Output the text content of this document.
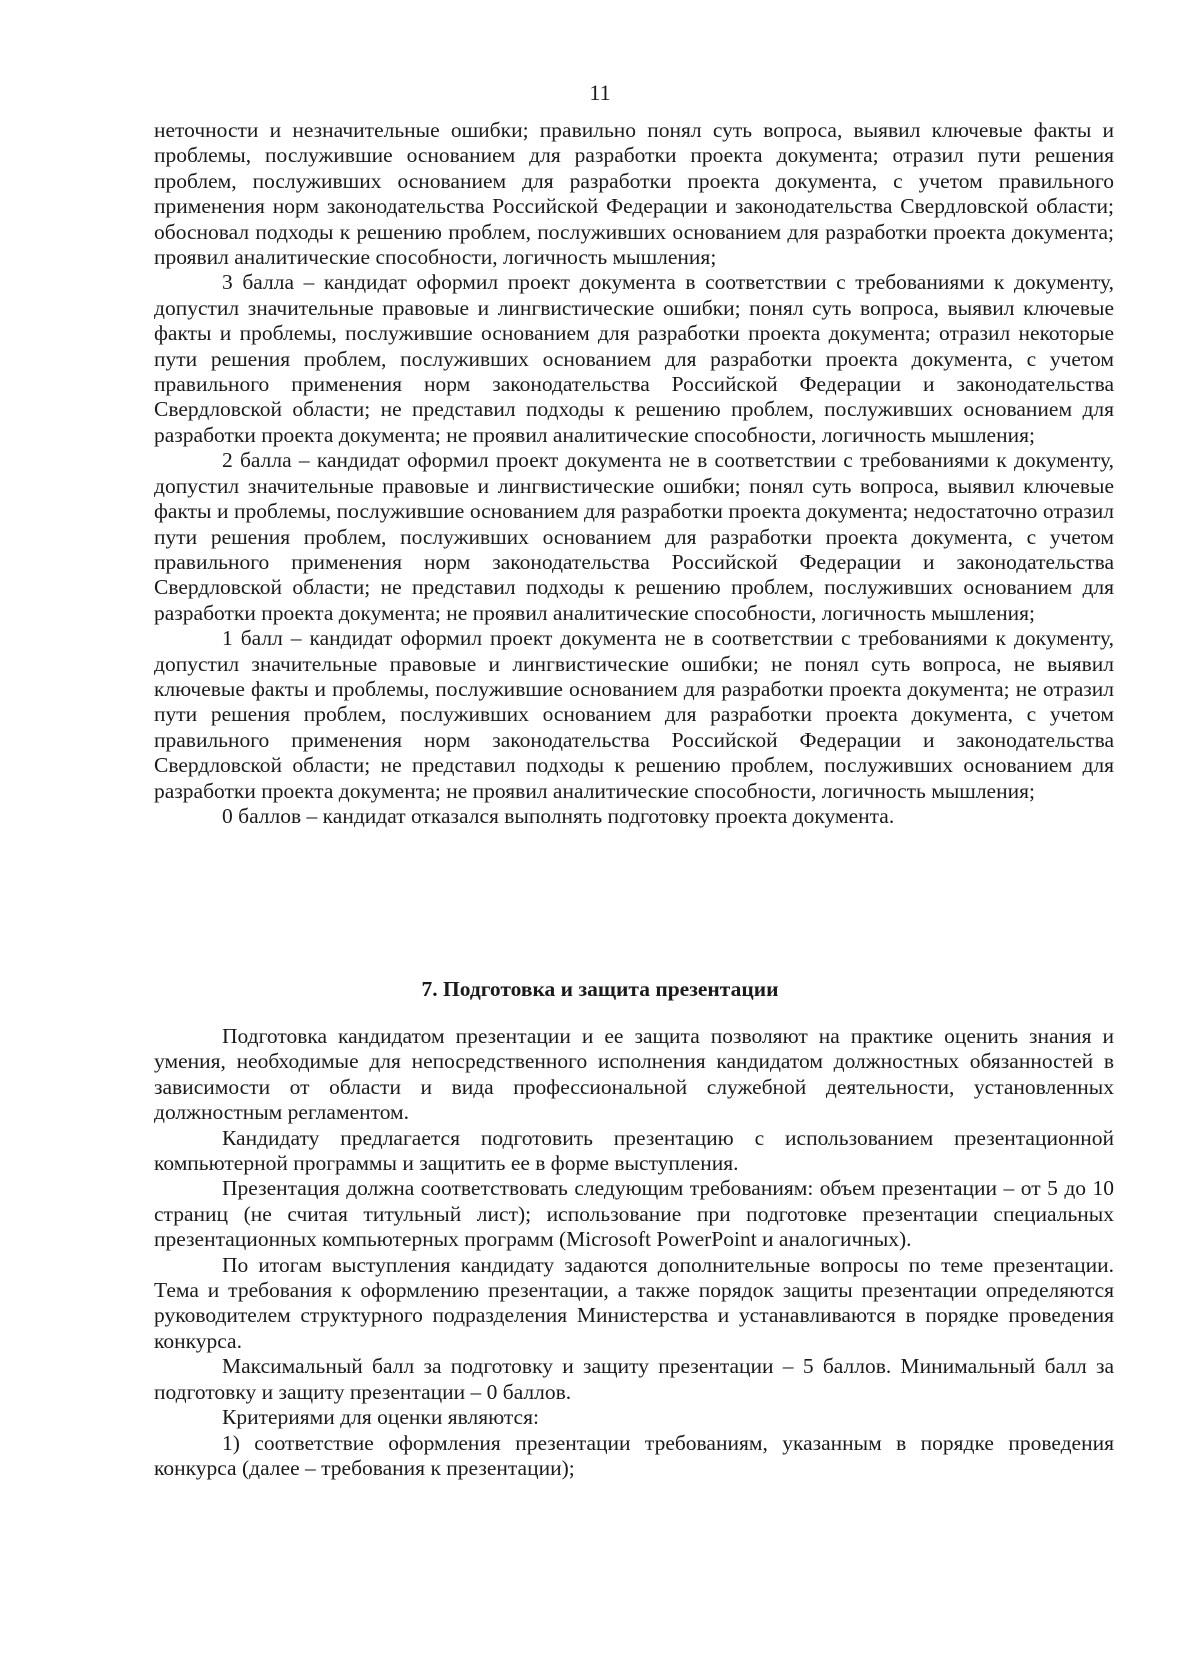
11

неточности и незначительные ошибки; правильно понял суть вопроса, выявил ключевые факты и проблемы, послужившие основанием для разработки проекта документа; отразил пути решения проблем, послуживших основанием для разработки проекта документа, с учетом правильного применения норм законодательства Российской Федерации и законодательства Свердловской области; обосновал подходы к решению проблем, послуживших основанием для разработки проекта документа; проявил аналитические способности, логичность мышления;

3 балла – кандидат оформил проект документа в соответствии с требованиями к документу, допустил значительные правовые и лингвистические ошибки; понял суть вопроса, выявил ключевые факты и проблемы, послужившие основанием для разработки проекта документа; отразил некоторые пути решения проблем, послуживших основанием для разработки проекта документа, с учетом правильного применения норм законодательства Российской Федерации и законодательства Свердловской области; не представил подходы к решению проблем, послуживших основанием для разработки проекта документа; не проявил аналитические способности, логичность мышления;

2 балла – кандидат оформил проект документа не в соответствии с требованиями к документу, допустил значительные правовые и лингвистические ошибки; понял суть вопроса, выявил ключевые факты и проблемы, послужившие основанием для разработки проекта документа; недостаточно отразил пути решения проблем, послуживших основанием для разработки проекта документа, с учетом правильного применения норм законодательства Российской Федерации и законодательства Свердловской области; не представил подходы к решению проблем, послуживших основанием для разработки проекта документа; не проявил аналитические способности, логичность мышления;

1 балл – кандидат оформил проект документа не в соответствии с требованиями к документу, допустил значительные правовые и лингвистические ошибки; не понял суть вопроса, не выявил ключевые факты и проблемы, послужившие основанием для разработки проекта документа; не отразил пути решения проблем, послуживших основанием для разработки проекта документа, с учетом правильного применения норм законодательства Российской Федерации и законодательства Свердловской области; не представил подходы к решению проблем, послуживших основанием для разработки проекта документа; не проявил аналитические способности, логичность мышления;

0 баллов – кандидат отказался выполнять подготовку проекта документа.

7. Подготовка и защита презентации

Подготовка кандидатом презентации и ее защита позволяют на практике оценить знания и умения, необходимые для непосредственного исполнения кандидатом должностных обязанностей в зависимости от области и вида профессиональной служебной деятельности, установленных должностным регламентом.

Кандидату предлагается подготовить презентацию с использованием презентационной компьютерной программы и защитить ее в форме выступления.

Презентация должна соответствовать следующим требованиям: объем презентации – от 5 до 10 страниц (не считая титульный лист); использование при подготовке презентации специальных презентационных компьютерных программ (Microsoft PowerPoint и аналогичных).

По итогам выступления кандидату задаются дополнительные вопросы по теме презентации. Тема и требования к оформлению презентации, а также порядок защиты презентации определяются руководителем структурного подразделения Министерства и устанавливаются в порядке проведения конкурса.

Максимальный балл за подготовку и защиту презентации – 5 баллов. Минимальный балл за подготовку и защиту презентации – 0 баллов.

Критериями для оценки являются:

1) соответствие оформления презентации требованиям, указанным в порядке проведения конкурса (далее – требования к презентации);
